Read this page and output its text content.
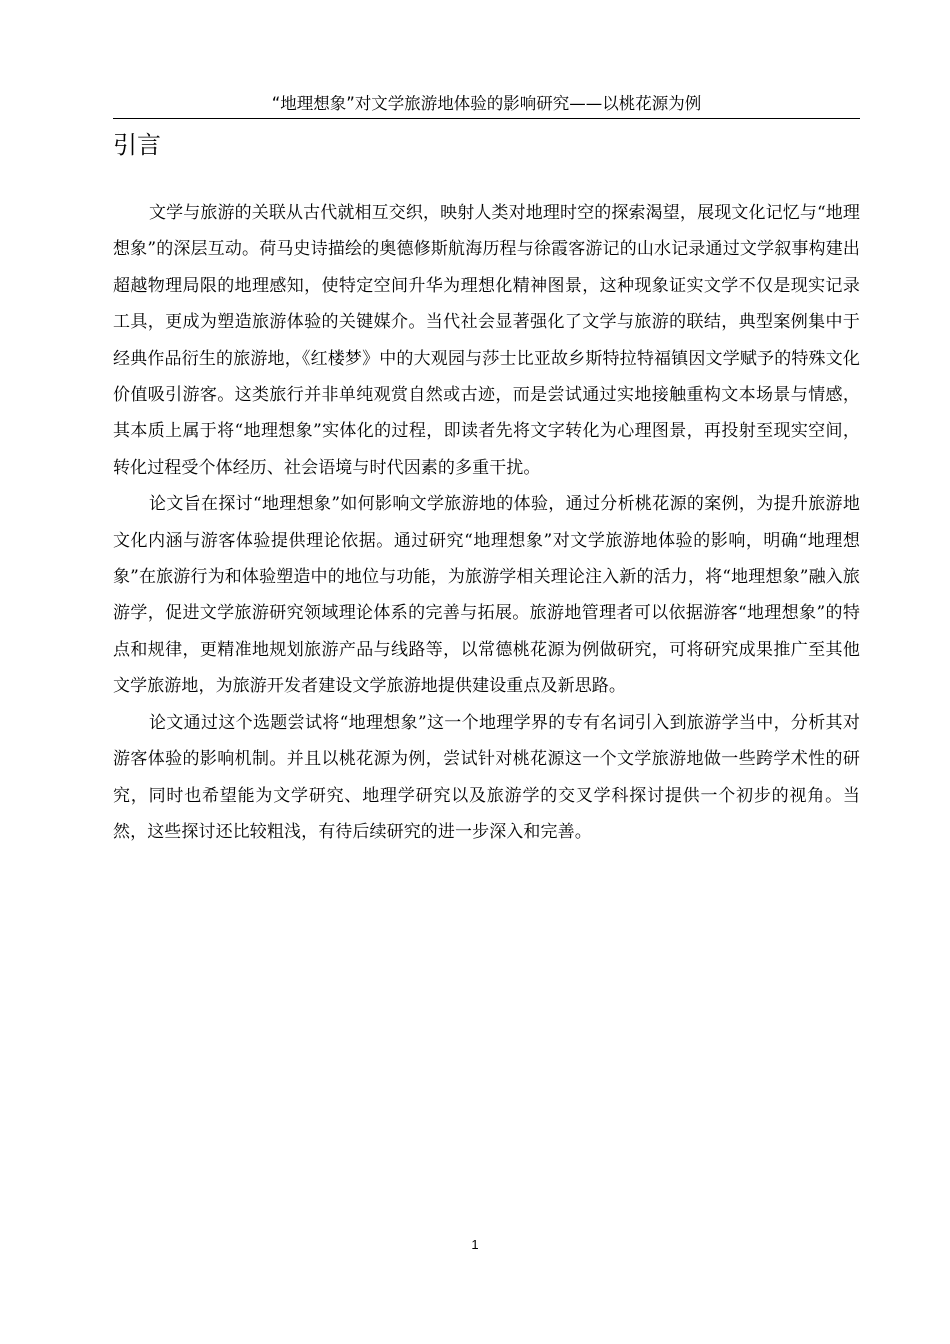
“地理想象”对文学旅游地体验的影响研究——以桃花源为例
引言

文学与旅游的关联从古代就相互交织，映射人类对地理时空的探索渴望，展现文化记忆与“地理想象”的深层互动。荷马史诗描绘的奥德修斯航海历程与徐霞客游记的山水记录通过文学叙事构建出超越物理局限的地理感知，使特定空间升华为理想化精神图景，这种现象证实文学不仅是现实记录工具，更成为塑造旅游体验的关键媒介。当代社会显著强化了文学与旅游的联结，典型案例集中于经典作品衍生的旅游地，《红楼梦》中的大观园与莎士比亚故乡斯特拉特福镇因文学赋予的特殊文化价值吸引游客。这类旅行并非单纯观赏自然或古迹，而是尝试通过实地接触重构文本场景与情感，其本质上属于将“地理想象”实体化的过程，即读者先将文字转化为心理图景，再投射至现实空间，转化过程受个体经历、社会语境与时代因素的多重干扰。

论文旨在探讨“地理想象”如何影响文学旅游地的体验，通过分析桃花源的案例，为提升旅游地文化内涵与游客体验提供理论依据。通过研究“地理想象”对文学旅游地体验的影响，明确“地理想象”在旅游行为和体验塑造中的地位与功能，为旅游学相关理论注入新的活力，将“地理想象”融入旅游学，促进文学旅游研究领域理论体系的完善与拓展。旅游地管理者可以依据游客“地理想象”的特点和规律，更精准地规划旅游产品与线路等，以常德桃花源为例做研究，可将研究成果推广至其他文学旅游地，为旅游开发者建设文学旅游地提供建设重点及新思路。

论文通过这个选题尝试将“地理想象”这一个地理学界的专有名词引入到旅游学当中，分析其对游客体验的影响机制。并且以桃花源为例，尝试针对桃花源这一个文学旅游地做一些跨学术性的研究，同时也希望能为文学研究、地理学研究以及旅游学的交叉学科探讨提供一个初步的视角。当然，这些探讨还比较粗浅，有待后续研究的进一步深入和完善。

1
